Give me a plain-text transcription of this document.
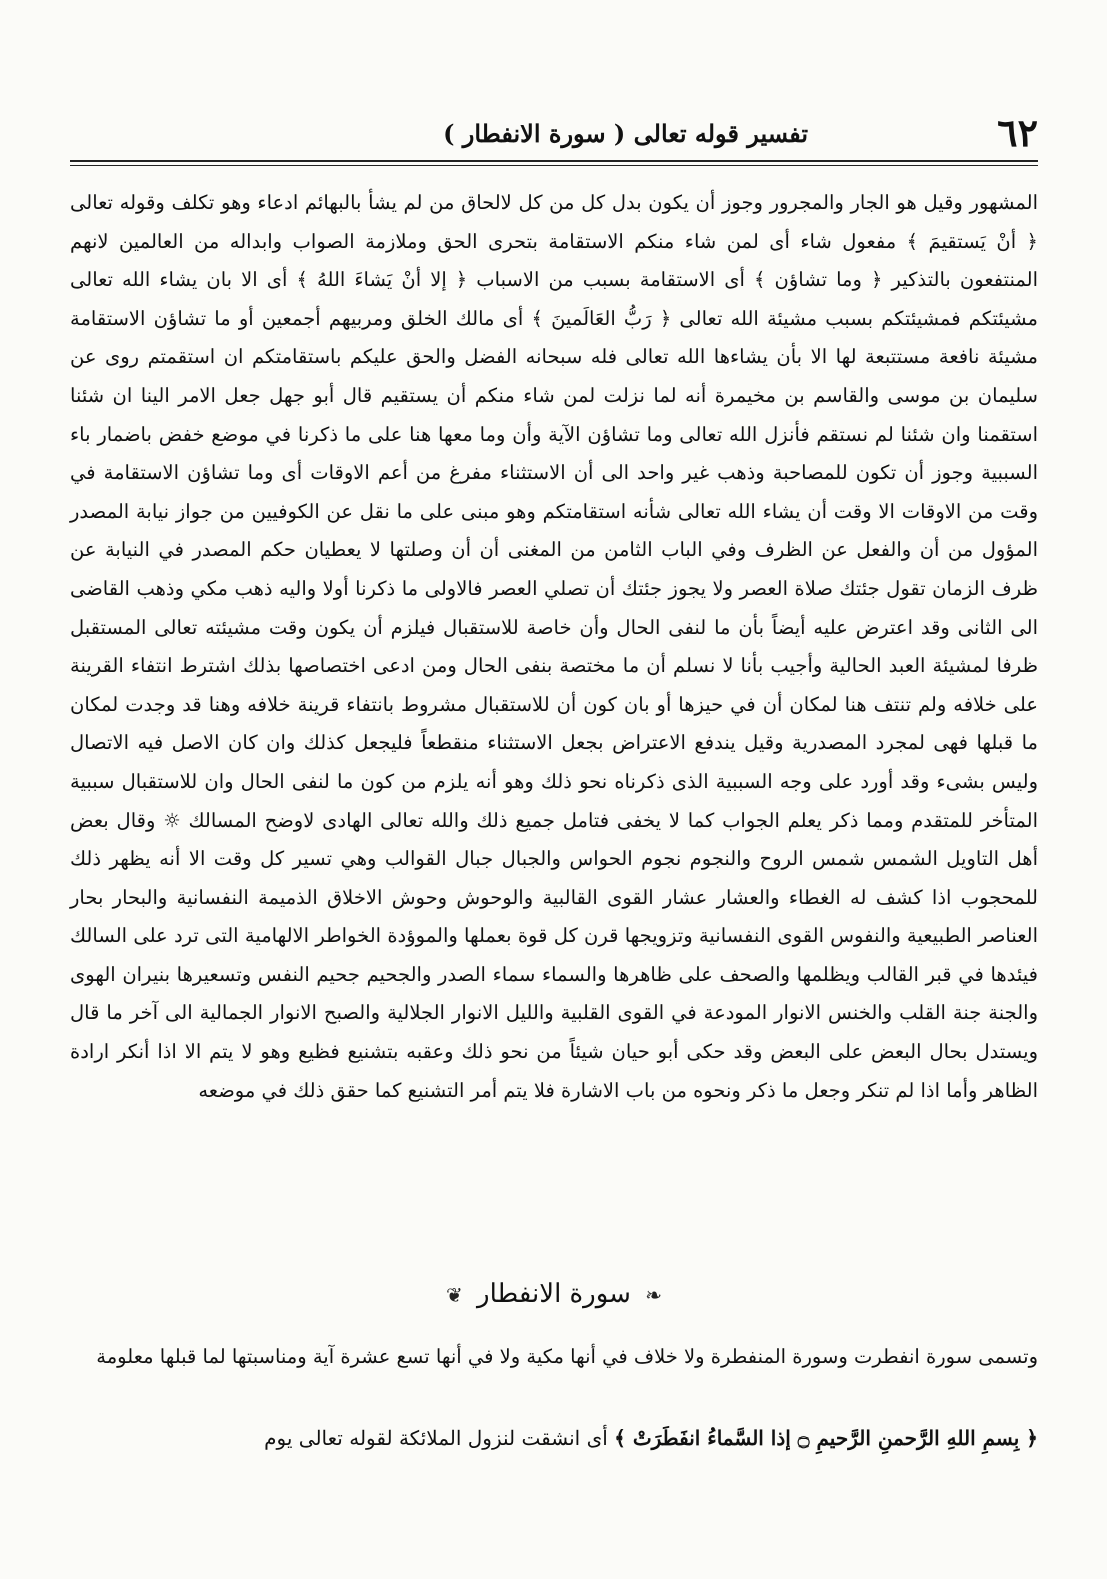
٦٢
تفسير قوله تعالى ( سورة الانفطار )

المشهور وقيل هو الجار والمجرور وجوز أن يكون بدل كل من كل لالحاق من لم يشأ بالبهائم ادعاء وهو تكلف وقوله تعالى ﴿ أنْ يَستقيمَ ﴾ مفعول شاء أى لمن شاء منكم الاستقامة بتحرى الحق وملازمة الصواب وابداله من العالمين لانهم المنتفعون بالتذكير ﴿ وما تشاؤن ﴾ أى الاستقامة بسبب من الاسباب ﴿ إلا أنْ يَشاءَ اللهُ ﴾ أى الا بان يشاء الله تعالى مشيئتكم فمشيئتكم بسبب مشيئة الله تعالى ﴿ رَبُّ العَالَمينَ ﴾ أى مالك الخلق ومربيهم أجمعين أو ما تشاؤن الاستقامة مشيئة نافعة مستتبعة لها الا بأن يشاءها الله تعالى فله سبحانه الفضل والحق عليكم باستقامتكم ان استقمتم روى عن سليمان بن موسى والقاسم بن مخيمرة أنه لما نزلت لمن شاء منكم أن يستقيم قال أبو جهل جعل الامر الينا ان شئنا استقمنا وان شئنا لم نستقم فأنزل الله تعالى وما تشاؤن الآية وأن وما معها هنا على ما ذكرنا في موضع خفض باضمار باء السببية وجوز أن تكون للمصاحبة وذهب غير واحد الى أن الاستثناء مفرغ من أعم الاوقات أى وما تشاؤن الاستقامة في وقت من الاوقات الا وقت أن يشاء الله تعالى شأنه استقامتكم وهو مبنى على ما نقل عن الكوفيين من جواز نيابة المصدر المؤول من أن والفعل عن الظرف وفي الباب الثامن من المغنى أن أن وصلتها لا يعطيان حكم المصدر في النيابة عن ظرف الزمان تقول جئتك صلاة العصر ولا يجوز جئتك أن تصلي العصر فالاولى ما ذكرنا أولا واليه ذهب مكي وذهب القاضى الى الثانى وقد اعترض عليه أيضاً بأن ما لنفى الحال وأن خاصة للاستقبال فيلزم أن يكون وقت مشيئته تعالى المستقبل ظرفا لمشيئة العبد الحالية وأجيب بأنا لا نسلم أن ما مختصة بنفى الحال ومن ادعى اختصاصها بذلك اشترط انتفاء القرينة على خلافه ولم تنتف هنا لمكان أن في حيزها أو بان كون أن للاستقبال مشروط بانتفاء قرينة خلافه وهنا قد وجدت لمكان ما قبلها فهى لمجرد المصدرية وقيل يندفع الاعتراض بجعل الاستثناء منقطعاً فليجعل كذلك وان كان الاصل فيه الاتصال وليس بشىء وقد أورد على وجه السببية الذى ذكرناه نحو ذلك وهو أنه يلزم من كون ما لنفى الحال وان للاستقبال سببية المتأخر للمتقدم ومما ذكر يعلم الجواب كما لا يخفى فتامل جميع ذلك والله تعالى الهادى لاوضح المسالك ☼ وقال بعض أهل التاويل الشمس شمس الروح والنجوم نجوم الحواس والجبال جبال القوالب وهي تسير كل وقت الا أنه يظهر ذلك للمحجوب اذا كشف له الغطاء والعشار عشار القوى القالبية والوحوش وحوش الاخلاق الذميمة النفسانية والبحار بحار العناصر الطبيعية والنفوس القوى النفسانية وتزويجها قرن كل قوة بعملها والموؤدة الخواطر الالهامية التى ترد على السالك فيئدها في قبر القالب ويظلمها والصحف على ظاهرها والسماء سماء الصدر والجحيم جحيم النفس وتسعيرها بنيران الهوى والجنة جنة القلب والخنس الانوار المودعة في القوى القلبية والليل الانوار الجلالية والصبح الانوار الجمالية الى آخر ما قال ويستدل بحال البعض على البعض وقد حكى أبو حيان شيئاً من نحو ذلك وعقبه بتشنيع فظيع وهو لا يتم الا اذا أنكر ارادة الظاهر وأما اذا لم تنكر وجعل ما ذكر ونحوه من باب الاشارة فلا يتم أمر التشنيع كما حقق ذلك في موضعه

❧ سورة الانفطار ❦

وتسمى سورة انفطرت وسورة المنفطرة ولا خلاف في أنها مكية ولا في أنها تسع عشرة آية ومناسبتها لما قبلها معلومة

﴿ بِسمِ اللهِ الرَّحمنِ الرَّحيمِ ۝ إذا السَّماءُ انفَطَرَتْ ﴾ أى انشقت لنزول الملائكة لقوله تعالى يوم
